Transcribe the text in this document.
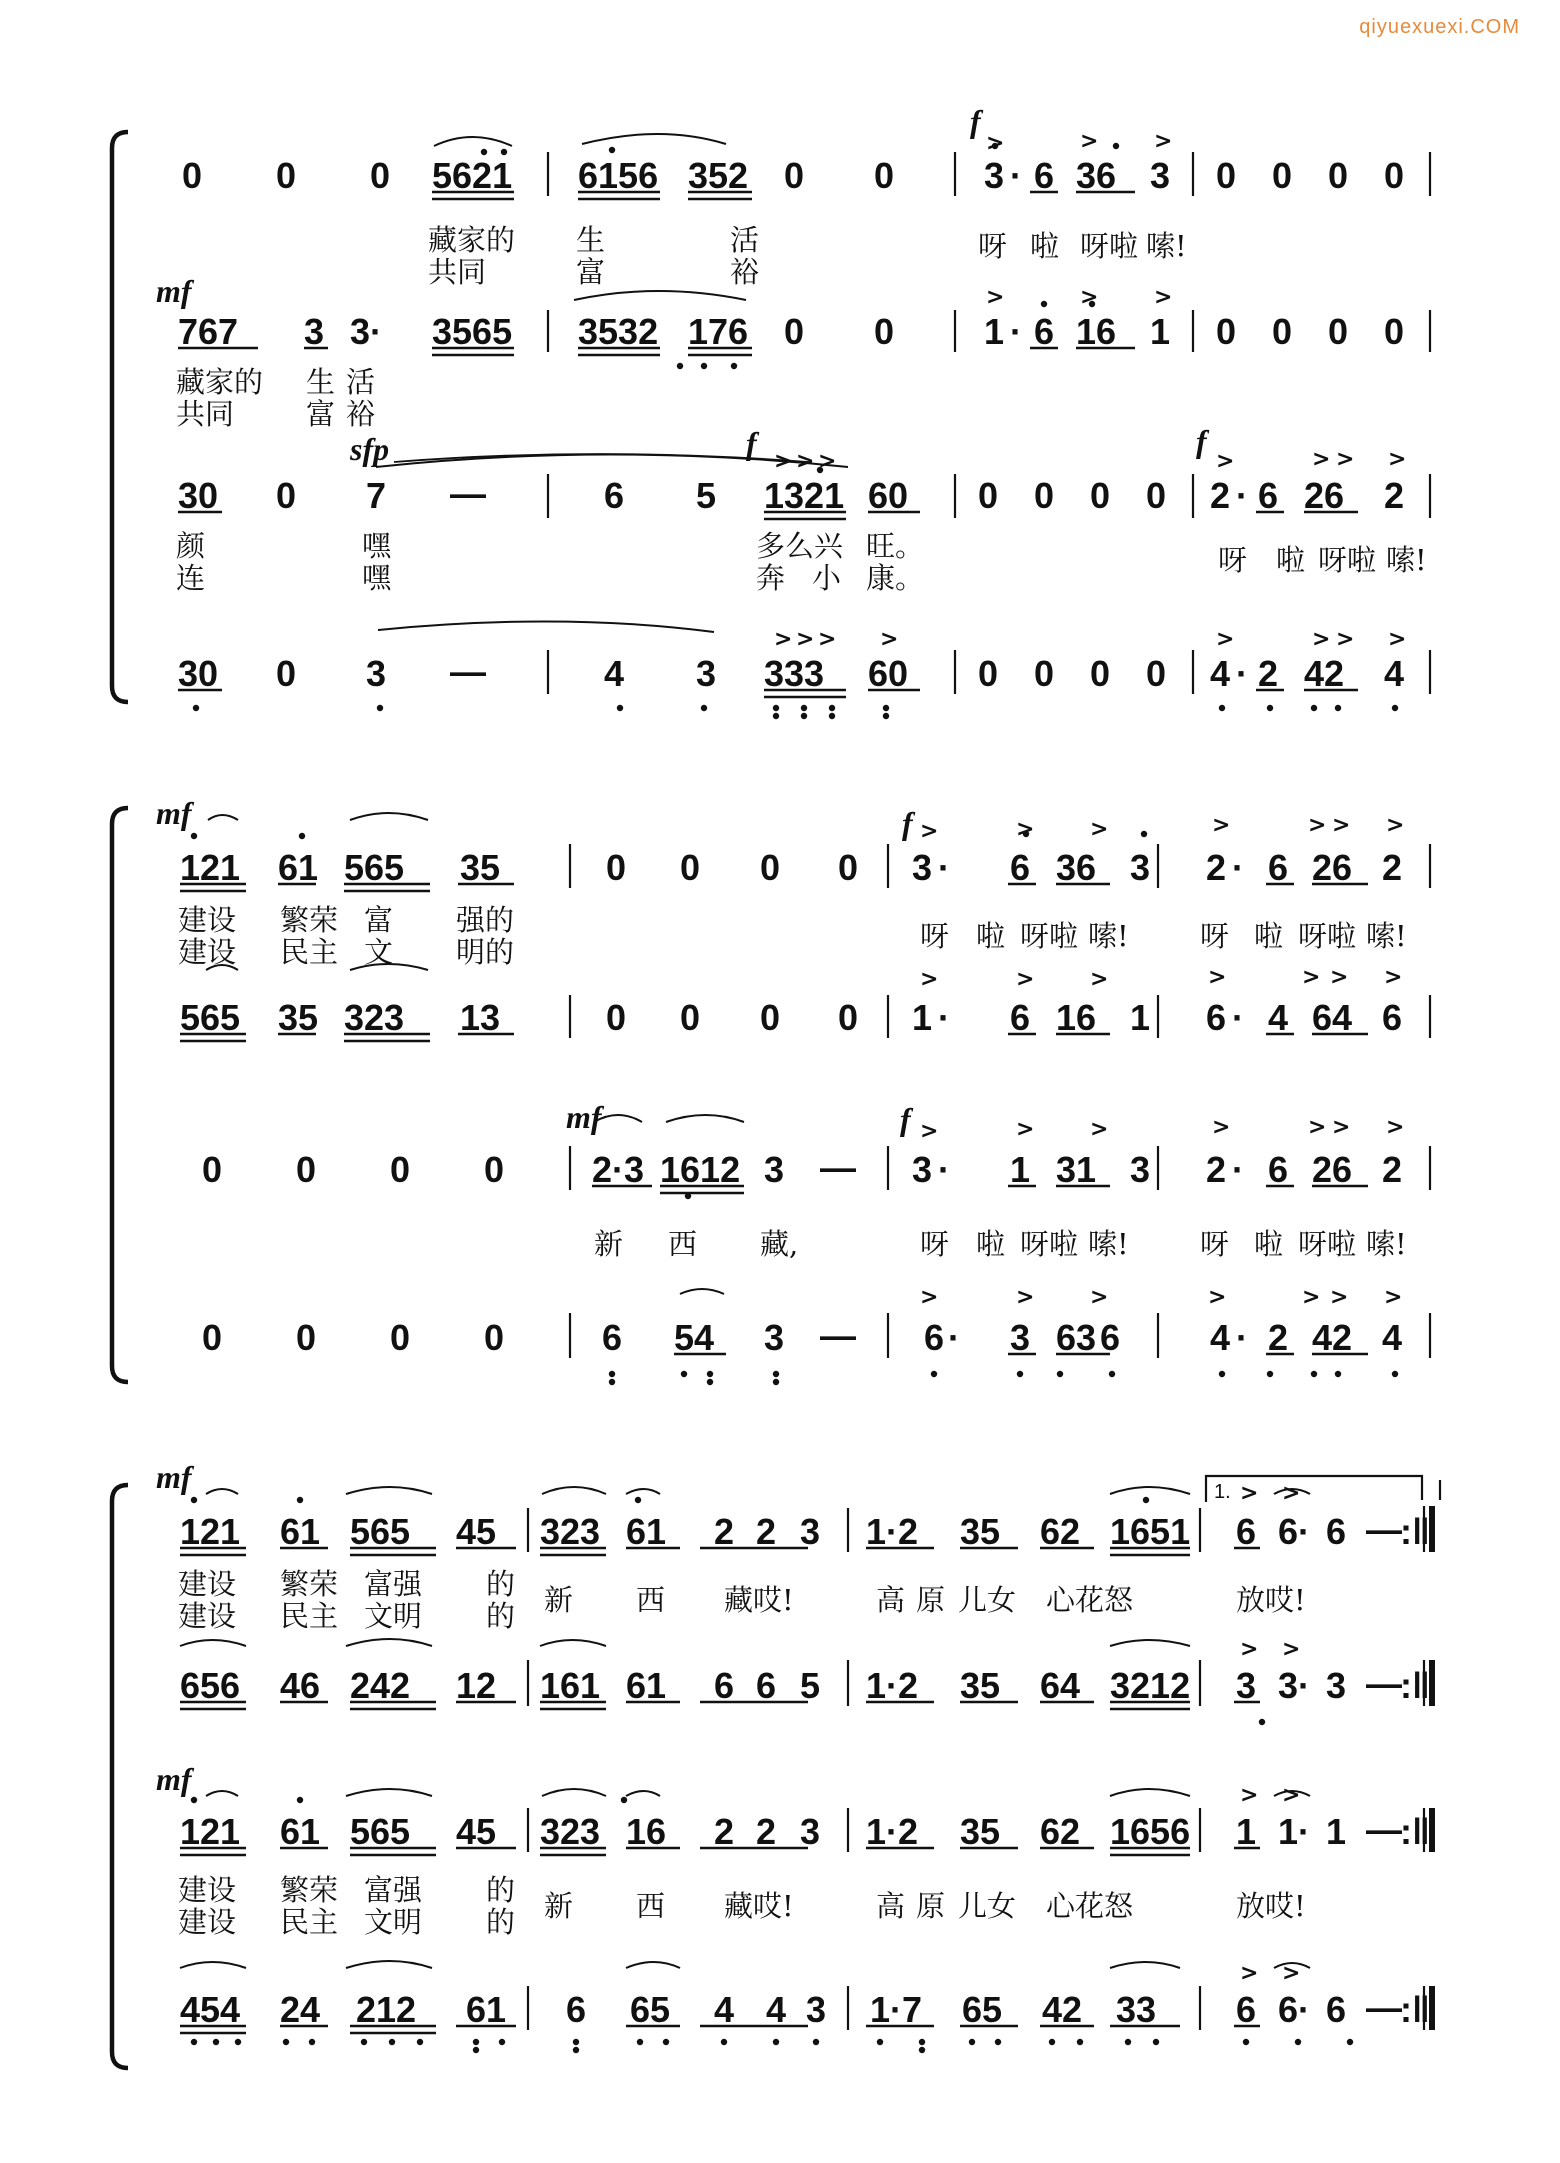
qiyuexuexi.COM
f
mf
sfp	f	f
mf	f
mf	f
mf
mf
>	>	>
>	>	>
> > >	>	> > >
> > > >	>	> > >
>	>	>	>	> > >
>	>	>	>	> > >
>	>	>	>	> > >
>	>	>	>	> > >
> >
> >
> >
> >
1.
0 0 0 5621 6156 352 0 0 3 · 6 36 3 0 0 0 0
藏家的 生	活	呀 啦 呀啦 嗦!
共同	富	裕
767 3 3· 3565 3532 176 0 0 1 · 6 16 1 0 0 0 0
藏家的 生 活
共同 富 裕
30 0 7 —	6 5 1321 60 0 0 0 0 2 · 6 26 2
颜	嘿	多么兴 旺。	呀 啦 呀啦 嗦!
连	嘿	奔 小 康。
30 0 3 —	4 3 333 60 0 0 0 0 4 · 2 42 4
121 61 565 35	0 0 0 0 3 · 6 36 3 2 · 6 26 2
建设 繁荣 富 强的	呀 啦 呀啦 嗦! 呀 啦 呀啦 嗦!
建设 民主 文 明的
565 35 323 13	0 0 0 0 1 · 6 16 1 6 · 4 64 6
0 0 0 0 2·3 1612 3 — 3 · 1 31 3 2 · 6 26 2
新 西 藏,	呀 啦 呀啦 嗦! 呀 啦 呀啦 嗦!
0 0 0 0	6 54 3 — 6 · 3 63 6 4 · 2 42 4
121 61 565 45 323 61 2 2 3 1·2 35 62 1651 6 6· 6 —
:‖
建设 繁荣 富强 的 新 西 藏哎!	高 原 儿女 心花怒	放哎!
建设 民主 文明 的
656 46 242 12 161 61 6 6 5 1·2 35 64 3212 3 3· 3 —
:‖
121 61 565 45 323 16 2 2 3 1·2 35 62 1656 1 1· 1 —
:‖
建设 繁荣 富强 的 新 西 藏哎!	高 原 儿女 心花怒	放哎!
建设 民主 文明 的
454 24 212 61 6 65 4 4 3 1·7 65 42 33 6 6· 6 —
:‖
